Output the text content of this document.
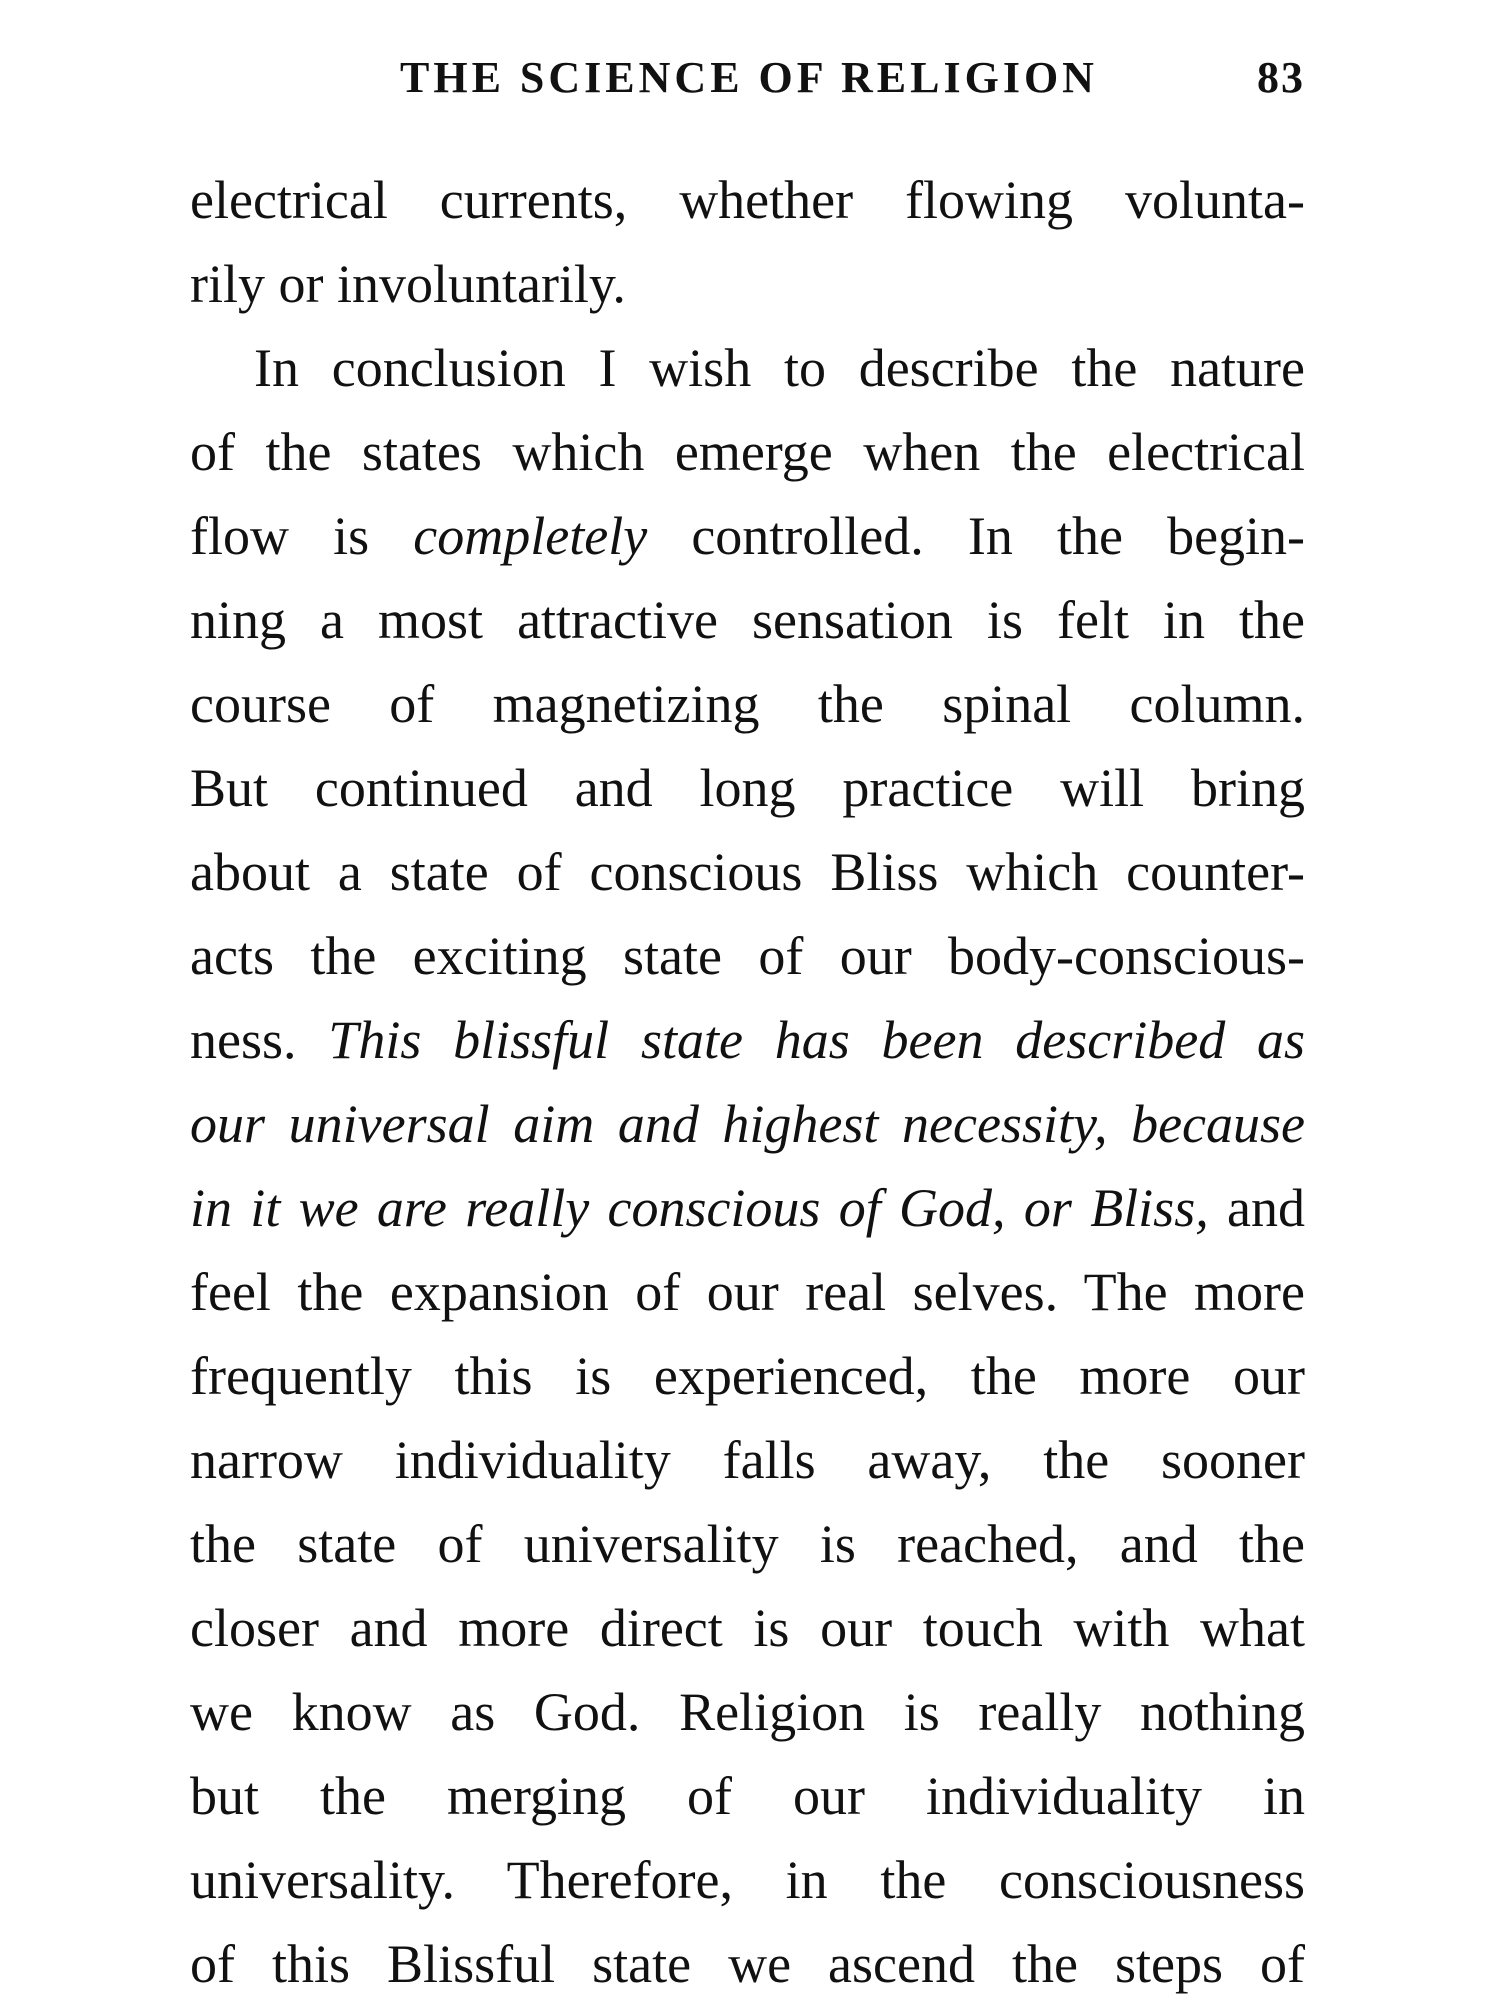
THE SCIENCE OF RELIGION	83
electrical currents, whether flowing volunta-
rily or involuntarily.
In conclusion I wish to describe the nature
of the states which emerge when the electrical
flow is completely controlled. In the begin-
ning a most attractive sensation is felt in the
course of magnetizing the spinal column.
But continued and long practice will bring
about a state of conscious Bliss which counter-
acts the exciting state of our body-conscious-
ness. This blissful state has been described as
our universal aim and highest necessity, because
in it we are really conscious of God, or Bliss, and
feel the expansion of our real selves. The more
frequently this is experienced, the more our
narrow individuality falls away, the sooner
the state of universality is reached, and the
closer and more direct is our touch with what
we know as God. Religion is really nothing
but the merging of our individuality in
universality. Therefore, in the consciousness
of this Blissful state we ascend the steps of
